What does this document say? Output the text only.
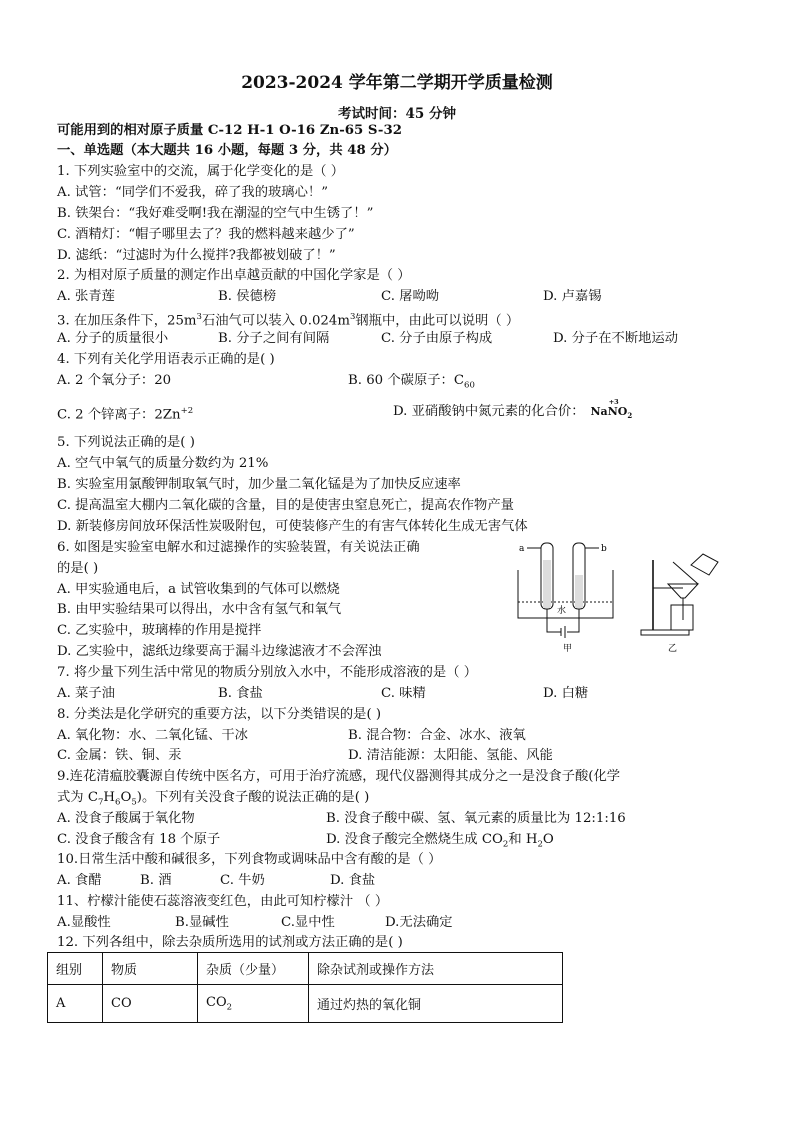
2023-2024 学年第二学期开学质量检测
考试时间：45 分钟
可能用到的相对原子质量 C-12 H-1 O-16 Zn-65 S-32
一、单选题（本大题共 16 小题，每题 3 分，共 48 分）
1. 下列实验室中的交流，属于化学变化的是（ ）
A. 试管：“同学们不爱我，碎了我的玻璃心！”
B. 铁架台：“我好难受啊!我在潮湿的空气中生锈了！”
C. 酒精灯：“帽子哪里去了？我的燃料越来越少了”
D. 滤纸：“过滤时为什么搅拌?我都被划破了！”
2. 为相对原子质量的测定作出卓越贡献的中国化学家是（ ）
A. 张青莲	B. 侯德榜	C. 屠呦呦	D. 卢嘉锡
3. 在加压条件下，$25m^3$石油气可以装入 $0.024m^3$钢瓶中，由此可以说明（ ）
A. 分子的质量很小	B. 分子之间有间隔	C. 分子由原子构成	D. 分子在不断地运动
4. 下列有关化学用语表示正确的是( )
A. 2 个氧分子：20	B. 60 个碳原子：$C_{60}$
C. 2 个锌离子：$2Zn^{+2}$	D. 亚硝酸钠中氮元素的化合价： NaN
+3
$O_2$
5. 下列说法正确的是( )
A. 空气中氧气的质量分数约为 21%
B. 实验室用氯酸钾制取氧气时，加少量二氧化锰是为了加快反应速率
C. 提高温室大棚内二氧化碳的含量，目的是使害虫窒息死亡，提高农作物产量
D. 新装修房间放环保活性炭吸附包，可使装修产生的有害气体转化生成无害气体
6. 如图是实验室电解水和过滤操作的实验装置，有关说法正确
的是( )
A. 甲实验通电后，a 试管收集到的气体可以燃烧
B. 由甲实验结果可以得出，水中含有氢气和氧气
C. 乙实验中，玻璃棒的作用是搅拌
D. 乙实验中，滤纸边缘要高于漏斗边缘滤液才不会浑浊
a	b
水
甲	乙
7. 将少量下列生活中常见的物质分别放入水中，不能形成溶液的是（ ）
A. 菜子油	B. 食盐	C. 味精	D. 白糖
8. 分类法是化学研究的重要方法，以下分类错误的是( )
A. 氧化物：水、二氧化锰、干冰	B. 混合物：合金、冰水、液氧
C. 金属：铁、铜、汞	D. 清洁能源：太阳能、氢能、风能
9.连花清瘟胶囊源自传统中医名方，可用于治疗流感，现代仪器测得其成分之一是没食子酸(化学
式为 $C_7H_6O_5$)。下列有关没食子酸的说法正确的是( )
A. 没食子酸属于氧化物	B. 没食子酸中碳、氢、氧元素的质量比为 12:1:16
C. 没食子酸含有 18 个原子	D. 没食子酸完全燃烧生成 $CO_2$和 $H_2O$
10.日常生活中酸和碱很多，下列食物或调味品中含有酸的是（ ）
A. 食醋	B. 酒	C. 牛奶	D. 食盐
11、柠檬汁能使石蕊溶液变红色，由此可知柠檬汁 （ ）
A.显酸性	B.显碱性	C.显中性	D.无法确定
12. 下列各组中，除去杂质所选用的试剂或方法正确的是( )
组别	物质	杂质（少量）	除杂试剂或操作方法
A	CO	$CO_2$	通过灼热的氧化铜
